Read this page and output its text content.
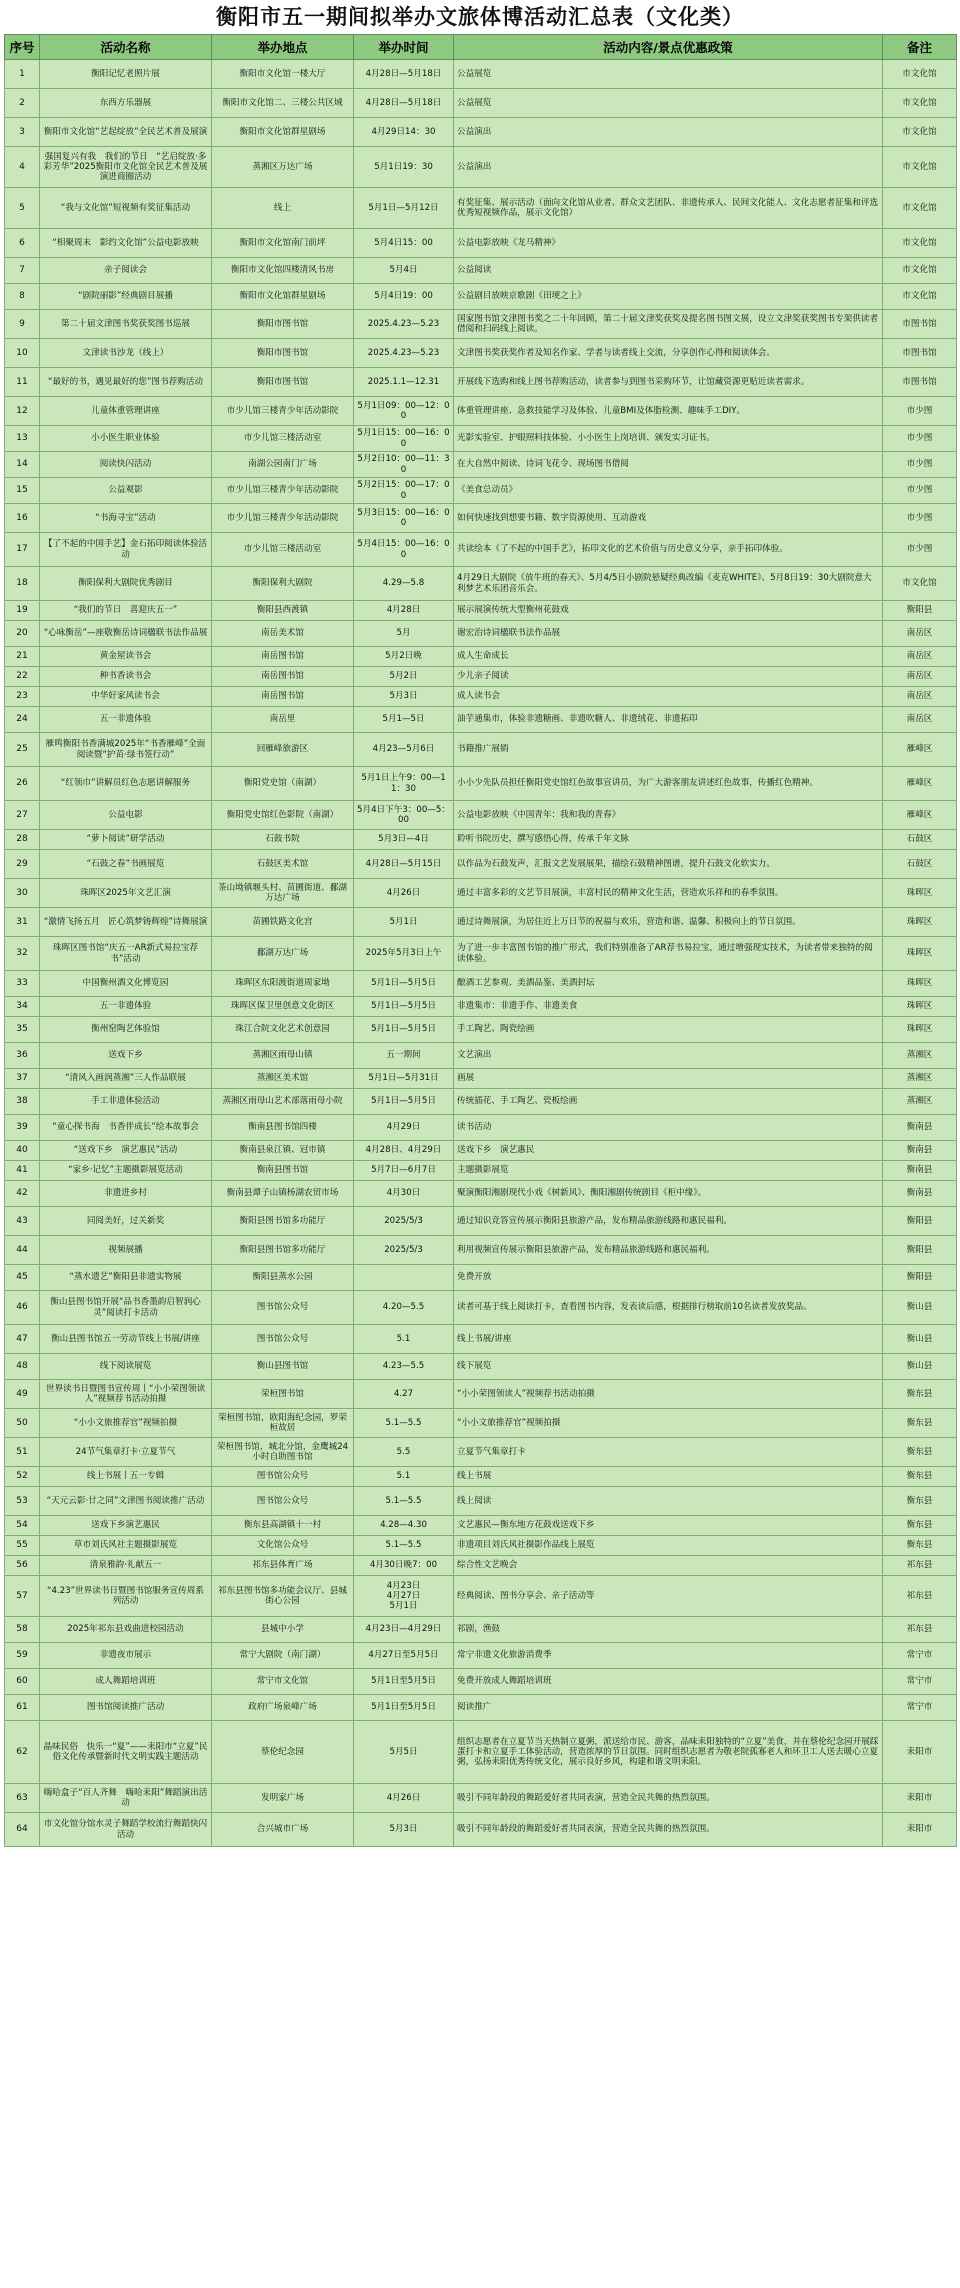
衡阳市五一期间拟举办文旅体博活动汇总表（文化类）
序号	活动名称	举办地点	举办时间	活动内容/景点优惠政策	备注
1	衡阳记忆老照片展	衡阳市文化馆一楼大厅	4月28日—5月18日	公益展览	市文化馆
2	东西方乐器展	衡阳市文化馆二、三楼公共区域	4月28日—5月18日	公益展览	市文化馆
3	衡阳市文化馆“艺起绽放”全民艺术普及展演	衡阳市文化馆群星剧场	4月29日14：30	公益演出	市文化馆
4	强国复兴有我　我们的节日　“艺启绽放·多彩芳华”2025衡阳市文化馆全民艺术普及展演进商圈活动	蒸湘区万达广场	5月1日19：30	公益演出	市文化馆
5	“我与文化馆”短视频有奖征集活动	线上	5月1日—5月12日	有奖征集、展示活动（面向文化馆从业者、群众文艺团队、非遗传承人、民间文化能人、文化志愿者征集和评选优秀短视频作品，展示文化馆）	市文化馆
6	“相聚周末　影约文化馆”公益电影放映	衡阳市文化馆南门前坪	5月4日15：00	公益电影放映《龙马精神》	市文化馆
7	亲子阅读会	衡阳市文化馆四楼清风书房	5月4日	公益阅读	市文化馆
8	“剧院丽影”经典剧目展播	衡阳市文化馆群星剧场	5月4日19：00	公益剧目放映京歌剧《田埂之上》	市文化馆
9	第二十届文津图书奖获奖图书巡展	衡阳市图书馆	2025.4.23—5.23	国家图书馆文津图书奖之二十年回顾，第二十届文津奖获奖及提名图书图文展，设立文津奖获奖图书专架供读者借阅和扫码线上阅读。	市图书馆
10	文津读书沙龙（线上）	衡阳市图书馆	2025.4.23—5.23	文津图书奖获奖作者及知名作家、学者与读者线上交流，分享创作心得和阅读体会。	市图书馆
11	“最好的书，遇见最好的您”图书荐购活动	衡阳市图书馆	2025.1.1—12.31	开展线下选购和线上图书荐购活动，读者参与到图书采购环节，让馆藏资源更贴近读者需求。	市图书馆
12	儿童体重管理讲座	市少儿馆三楼青少年活动影院	5月1日09：00—12：00	体重管理讲座、急救技能学习及体验、儿童BMI及体脂检测、趣味手工DIY。	市少图
13	小小医生职业体验	市少儿馆三楼活动室	5月1日15：00—16：00	光影实验室、护眼照料技体验、小小医生上岗培训、颁发实习证书。	市少图
14	阅读快闪活动	南湖公园南门广场	5月2日10：00—11：30	在大自然中阅读、诗词飞花令、现场图书借阅	市少图
15	公益观影	市少儿馆三楼青少年活动影院	5月2日15：00—17：00	《美食总动员》	市少图
16	“书海寻宝”活动	市少儿馆三楼青少年活动影院	5月3日15：00—16：00	如何快速找到想要书籍、数字资源使用、互动游戏	市少图
17	【了不起的中国手艺】金石拓印阅读体验活动	市少儿馆三楼活动室	5月4日15：00—16：00	共读绘本《了不起的中国手艺》，拓印文化的艺术价值与历史意义分享，亲手拓印体验。	市少图
18	衡阳保利大剧院优秀剧目	衡阳保利大剧院	4.29—5.8	4月29日大剧院《放牛班的春天》、5月4/5日小剧院悬疑经典改编《麦克WHITE》、5月8日19：30大剧院意大利梦艺术乐团音乐会。	市文化馆
19	“我们的节日　喜迎庆五一”	衡阳县西渡镇	4月28日	展示展演传统大型衡州花鼓戏	衡阳县
20	“心咏衡岳”—座敬衡岳诗词楹联书法作品展	南岳美术馆	5月	谢宏治诗词楹联书法作品展	南岳区
21	黄金屋读书会	南岳图书馆	5月2日晚	成人生命成长	南岳区
22	种书香读书会	南岳图书馆	5月2日	少儿亲子阅读	南岳区
23	中华好家风读书会	南岳图书馆	5月3日	成人读书会	南岳区
24	五一非遗体验	南岳里	5月1—5日	油芋通集市，体验非遗糖画、非遗吹糖人、非遗绒花、非遗拓印	南岳区
25	雁鸣衡阳书香满城2025年“书香雁峰”全面阅读暨“护苗·绿书签行动”	回雁峰旅游区	4月23—5月6日	书籍推广展销	雁峰区
26	“红领巾”讲解员红色志愿讲解服务	衡阳党史馆（南湖）	5月1日上午9：00—11：30	小小少先队员担任衡阳党史馆红色故事宣讲员，为广大游客朋友讲述红色故事，传播红色精神。	雁峰区
27	公益电影	衡阳党史馆红色影院（南湖）	5月4日下午3：00—5：00	公益电影放映《中国青年：我和我的青春》	雁峰区
28	“萝卜阅读”研学活动	石鼓书院	5月3日—4日	聆听书院历史，撰写感悟心得，传承千年文脉	石鼓区
29	“石鼓之春”书画展览	石鼓区美术馆	4月28日—5月15日	以作品为石鼓发声，汇报文艺发展展果，描绘石鼓精神图谱，提升石鼓文化软实力。	石鼓区
30	珠晖区2025年文艺汇演	茶山坳镇堰头村、苗圃街道、鄱湖万达广场	4月26日	通过丰富多彩的文艺节目展演，丰富村民的精神文化生活，营造欢乐祥和的春季氛围。	珠晖区
31	“激情飞扬五月　匠心筑梦铸辉煌”诗舞展演	苗圃铁路文化宫	5月1日	通过诗舞展演，为居住近上万日节的祝福与欢乐，营造和谐、温馨、积极向上的节日氛围。	珠晖区
32	珠晖区图书馆“庆五一AR新式易拉宝荐书”活动	鄱湖万达广场	2025年5月3日上午	为了进一步丰富图书馆的推广形式，我们特别准备了AR荐书易拉宝，通过增强现实技术，为读者带来独特的阅读体验。	珠晖区
33	中国衡州酒文化博览园	珠晖区东阳渡街道周家坳	5月1日—5月5日	酿酒工艺参观、美酒品鉴、美酒封坛	珠晖区
34	五一非遗体验	珠晖区保卫里创意文化街区	5月1日—5月5日	非遗集市：非遗手作、非遗美食	珠晖区
35	衡州窑陶艺体验馆	珠江合院文化艺术创意园	5月1日—5月5日	手工陶艺、陶瓷绘画	珠晖区
36	送戏下乡	蒸湘区雨母山镇	五一期间	文艺演出	蒸湘区
37	“清风入画润蒸湘”三人作品联展	蒸湘区美术馆	5月1日—5月31日	画展	蒸湘区
38	手工非遗体验活动	蒸湘区雨母山艺术部落雨母小院	5月1日—5月5日	传统插花、手工陶艺、瓷板绘画	蒸湘区
39	“童心探书海　书香伴成长”绘本故事会	衡南县图书馆四楼	4月29日	读书活动	衡南县
40	“送戏下乡　演艺惠民”活动	衡南县泉江镇、冠市镇	4月28日、4月29日	送戏下乡　演艺惠民	衡南县
41	“家乡·记忆”主题摄影展览活动	衡南县图书馆	5月7日—6月7日	主题摄影展览	衡南县
42	非遗进乡村	衡南县谭子山镇杨湖农贸市场	4月30日	聚演衡阳湘剧现代小戏《树新风》、衡阳湘剧传统剧目《柜中缘》。	衡南县
43	同阅美好，过关新奖	衡阳县图书馆多功能厅	2025/5/3	通过知识竞答宣传展示衡阳县旅游产品，发布精品旅游线路和惠民福利。	衡阳县
44	视频展播	衡阳县图书馆多功能厅	2025/5/3	利用视频宣传展示衡阳县旅游产品，发布精品旅游线路和惠民福利。	衡阳县
45	“蒸水遗艺”衡阳县非遗实物展	衡阳县蒸水公园		免费开放	衡阳县
46	衡山县图书馆开展“品书香墨韵启智润心灵”阅读打卡活动	图书馆公众号	4.20—5.5	读者可基于线上阅读打卡，查看图书内容，发表读后感，根据排行榜取前10名读者发放奖品。	衡山县
47	衡山县图书馆五一劳动节线上书展/讲座	图书馆公众号	5.1	线上书展/讲座	衡山县
48	线下阅读展览	衡山县图书馆	4.23—5.5	线下展览	衡山县
49	世界读书日暨图书宣传周丨“小小荣图领读人”视频荐书活动拍摄	荣桓图书馆	4.27	“小小荣图领读人”视频荐书活动拍摄	衡东县
50	“小小文旅推荐官”视频拍摄	荣桓图书馆，欧阳海纪念园，罗荣桓故居	5.1—5.5	“小小文旅推荐官”视频拍摄	衡东县
51	24节气集章打卡·立夏节气	荣桓图书馆，城北分馆，金鹰城24小时自助图书馆	5.5	立夏节气集章打卡	衡东县
52	线上书展丨五一专辑	图书馆公众号	5.1	线上书展	衡东县
53	“天元云影·廿之同”文津图书阅读推广活动	图书馆公众号	5.1—5.5	线上阅读	衡东县
54	送戏下乡演艺惠民	衡东县高湖镇十一村	4.28—4.30	文艺惠民—衡东地方花鼓戏送戏下乡	衡东县
55	草市刘氏风社主题摄影展览	文化馆公众号	5.1—5.5	非遗项目刘氏风社摄影作品线上展览	衡东县
56	清泉雅韵·礼献五一	祁东县体育广场	4月30日晚7：00	综合性文艺晚会	祁东县
57	“4.23”世界读书日暨图书馆服务宣传周系列活动	祁东县图书馆多功能会议厅、县城街心公园	4月23日
4月27日
5月1日	经典阅读、图书分享会、亲子活动等	祁东县
58	2025年祁东县戏曲进校园活动	县城中小学	4月23日—4月29日	祁剧，渔鼓	祁东县
59	非遗夜市展示	常宁大剧院（南门湖）	4月27日至5月5日	常宁非遗文化旅游消费季	常宁市
60	成人舞蹈培训班	常宁市文化馆	5月1日至5月5日	免费开放成人舞蹈培训班	常宁市
61	图书馆阅读推广活动	政府广场泉峰广场	5月1日至5月5日	阅读推广	常宁市
62	晶味民俗　快乐一“夏”——耒阳市“立夏”民俗文化传承暨新时代文明实践主题活动	蔡伦纪念园	5月5日	组织志愿者在立夏节当天热制立夏粥，派送给市民、游客，品味耒阳独特的“立夏”美食，并在蔡伦纪念园开展踩蛋打卡和立夏手工体验活动，营造浓厚的节日氛围。同时组织志愿者为敬老院孤寡老人和环卫工人送去暖心立夏粥，弘扬耒阳优秀传统文化，展示良好乡风，构建和谐文明耒阳。	耒阳市
63	嗨哈盒子“百人齐舞　嗨哈耒阳”舞蹈演出活动	发明家广场	4月26日	吸引不同年龄段的舞蹈爱好者共同表演，营造全民共舞的热烈氛围。	耒阳市
64	市文化馆分馆水灵子舞蹈学校流行舞蹈快闪活动	合兴城市广场	5月3日	吸引不同年龄段的舞蹈爱好者共同表演，营造全民共舞的热烈氛围。	耒阳市
